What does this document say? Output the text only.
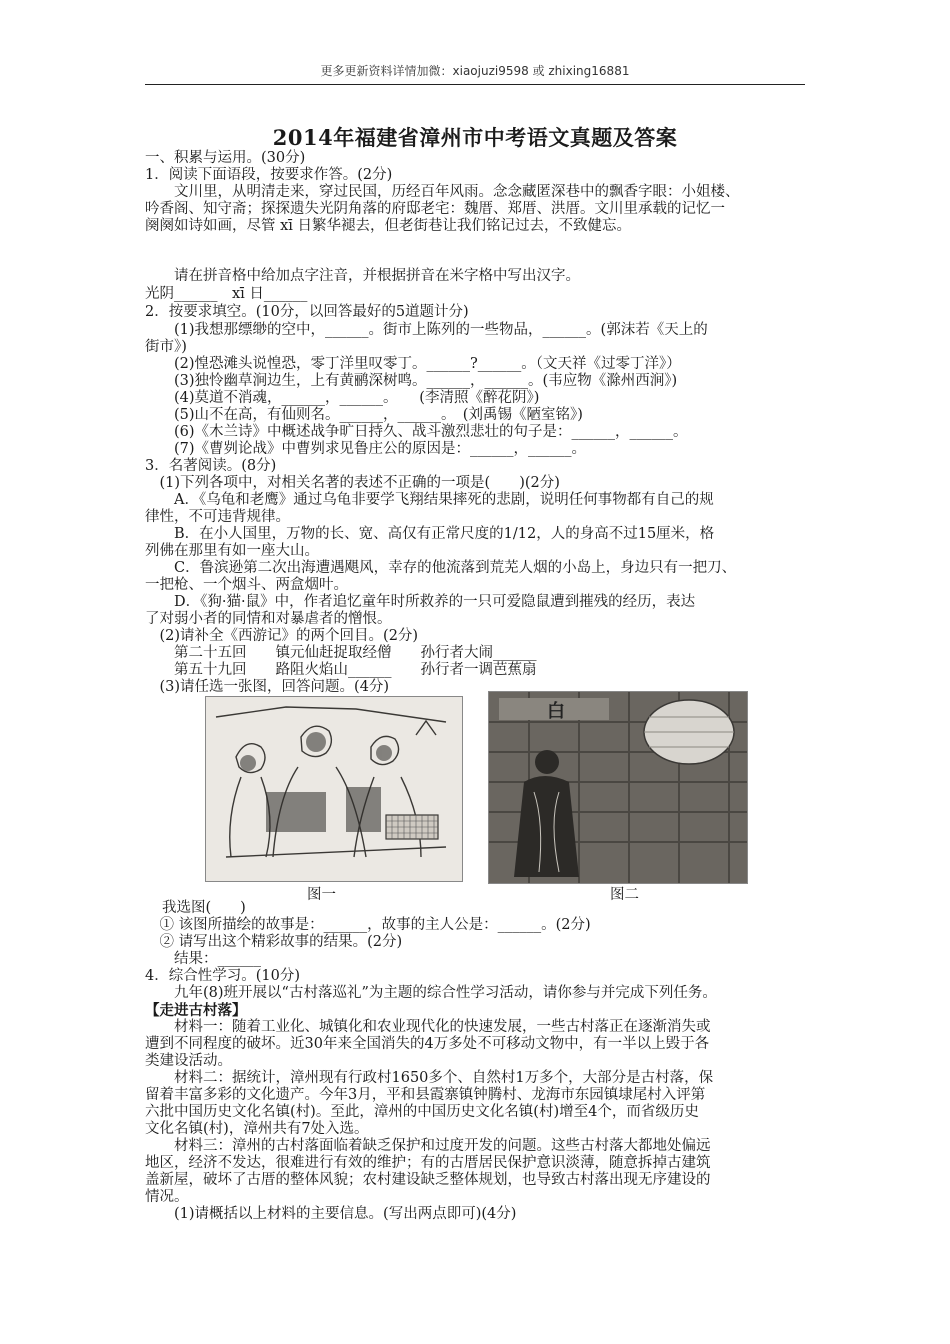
更多更新资料详情加微：xiaojuzi9598 或 zhixing16881
2014年福建省漳州市中考语文真题及答案
一、积累与运用。(30分)
1．阅读下面语段，按要求作答。(2分)
　　文川里，从明清走来，穿过民国，历经百年风雨。念念藏匿深巷中的飘香字眼：小姐楼、
吟香阁、知守斋；探探遗失光阴角落的府邸老宅：魏厝、郑厝、洪厝。文川里承载的记忆一
阕阕如诗如画，尽管 xī 日繁华褪去，但老街巷让我们铭记过去，不致健忘。
　　请在拼音格中给加点字注音，并根据拼音在米字格中写出汉字。
光阴______　xī 日______
2．按要求填空。(10分，以回答最好的5道题计分)
　　(1)我想那缥缈的空中，______。街市上陈列的一些物品，______。(郭沫若《天上的
街市》)
　　(2)惶恐滩头说惶恐，零丁洋里叹零丁。______?______。（文天祥《过零丁洋》）
　　(3)独怜幽草涧边生，上有黄鹂深树鸣。______，______。(韦应物《滁州西涧》)
　　(4)莫道不消魂，______，______。　　(李清照《醉花阴》)
　　(5)山不在高，有仙则名。______，______。　(刘禹锡《陋室铭》)
　　(6)《木兰诗》中概述战争旷日持久、战斗激烈悲壮的句子是：______，______。
　　(7)《曹刿论战》中曹刿求见鲁庄公的原因是：______，______。
3．名著阅读。(8分)
　(1)下列各项中，对相关名著的表述不正确的一项是(　　)(2分)
　　A．《乌龟和老鹰》通过乌龟非要学飞翔结果摔死的悲剧，说明任何事物都有自己的规
律性，不可违背规律。
　　B．在小人国里，万物的长、宽、高仅有正常尺度的1/12，人的身高不过15厘米，格
列佛在那里有如一座大山。
　　C．鲁滨逊第二次出海遭遇飓风，幸存的他流落到荒芜人烟的小岛上，身边只有一把刀、
一把枪、一个烟斗、两盒烟叶。
　　D．《狗·猫·鼠》中，作者追忆童年时所救养的一只可爱隐鼠遭到摧残的经历，表达
了对弱小者的同情和对暴虐者的憎恨。
　(2)请补全《西游记》的两个回目。(2分)
　　第二十五回　　镇元仙赶捉取经僧　　孙行者大闹______
　　第五十九回　　路阻火焰山______　　孙行者一调芭蕉扇
　(3)请任选一张图，回答问题。(4分)
图一
白
图二
我选图(　　)
　① 该图所描绘的故事是：______，故事的主人公是：______。(2分)
　② 请写出这个精彩故事的结果。(2分)
　　结果：______
4．综合性学习。(10分)
　　九年(8)班开展以“古村落巡礼”为主题的综合性学习活动，请你参与并完成下列任务。
【走进古村落】
　　材料一：随着工业化、城镇化和农业现代化的快速发展，一些古村落正在逐渐消失或
遭到不同程度的破坏。近30年来全国消失的4万多处不可移动文物中，有一半以上毁于各
类建设活动。
　　材料二：据统计，漳州现有行政村1650多个、自然村1万多个，大部分是古村落，保
留着丰富多彩的文化遗产。今年3月，平和县霞寨镇钟腾村、龙海市东园镇埭尾村入评第
六批中国历史文化名镇(村)。至此，漳州的中国历史文化名镇(村)增至4个，而省级历史
文化名镇(村)，漳州共有7处入选。
　　材料三：漳州的古村落面临着缺乏保护和过度开发的问题。这些古村落大都地处偏远
地区，经济不发达，很难进行有效的维护；有的古厝居民保护意识淡薄，随意拆掉古建筑
盖新屋，破坏了古厝的整体风貌；农村建设缺乏整体规划，也导致古村落出现无序建设的
情况。
　　(1)请概括以上材料的主要信息。(写出两点即可)(4分)
